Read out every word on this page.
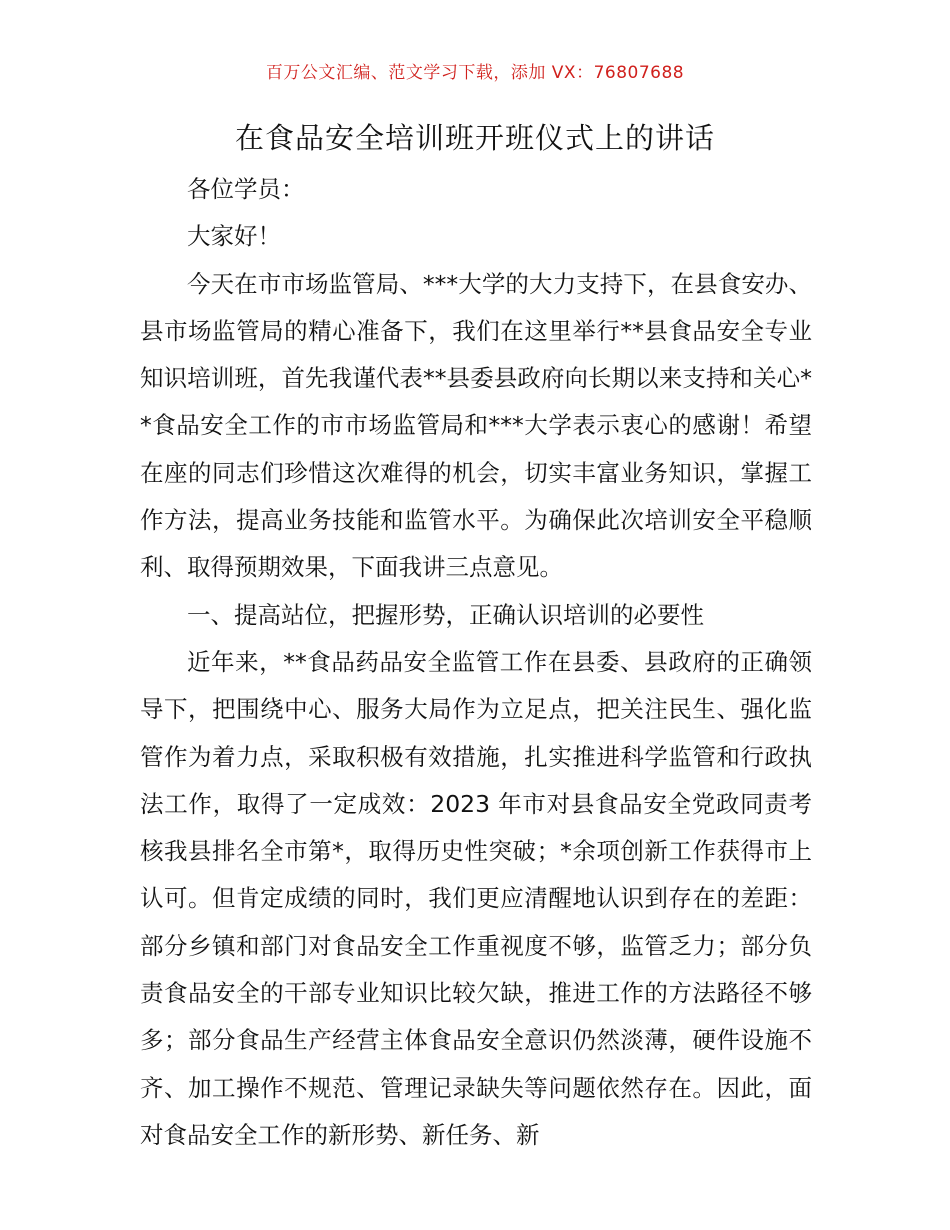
百万公文汇编、范文学习下载，添加 VX：76807688
在食品安全培训班开班仪式上的讲话

各位学员：

大家好！

今天在市市场监管局、***大学的大力支持下，在县食安办、县市场监管局的精心准备下，我们在这里举行**县食品安全专业知识培训班，首先我谨代表**县委县政府向长期以来支持和关心**食品安全工作的市市场监管局和***大学表示衷心的感谢！希望在座的同志们珍惜这次难得的机会，切实丰富业务知识，掌握工作方法，提高业务技能和监管水平。为确保此次培训安全平稳顺利、取得预期效果，下面我讲三点意见。

一、提高站位，把握形势，正确认识培训的必要性

近年来，**食品药品安全监管工作在县委、县政府的正确领导下，把围绕中心、服务大局作为立足点，把关注民生、强化监管作为着力点，采取积极有效措施，扎实推进科学监管和行政执法工作，取得了一定成效：2023 年市对县食品安全党政同责考核我县排名全市第*，取得历史性突破；*余项创新工作获得市上认可。但肯定成绩的同时，我们更应清醒地认识到存在的差距：部分乡镇和部门对食品安全工作重视度不够，监管乏力；部分负责食品安全的干部专业知识比较欠缺，推进工作的方法路径不够多；部分食品生产经营主体食品安全意识仍然淡薄，硬件设施不齐、加工操作不规范、管理记录缺失等问题依然存在。因此，面对食品安全工作的新形势、新任务、新
